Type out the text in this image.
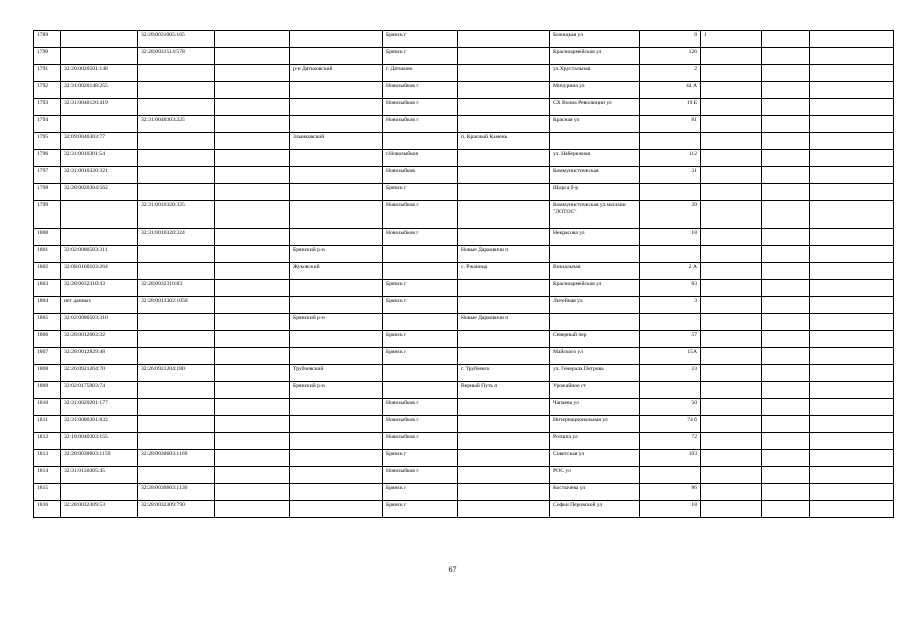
1789		32:28:0031005:165			Брянск г		Бежицкая ул	8	1		
1790		32:28:0031514:578			Брянск г		Красноармейская ул	126			
1791	32:20:0020501:148			р-н Дятьковский	г. Дятьково		ул.Хрустальная	2			
1792	32:31:0020148:255				Новозыбков г		Мичурина ул	44 А			
1793	32:31:0040120:419				Новозыбков г		СХ Волна Революции ул	19 Б			
1794		32:31:0040303:225			Новозыбков г		Красная ул	81			
1795	32:09:0040303:77			Злынковский		п. Красный Камень					
1796	32:31:0010301:54				г.Новозыбков		ул. Набережная	112			
1797	32:31:0010320:321				Новозыбков		Коммунистическая	31			
1798	32:28:0020304:562				Брянск г		Щорса б-р				
1799		32:31:0010320:325			Новозыбков г		Коммунистическая ул.магазин "ЛОТОС"	39			
1800		32:31:0010320:324			Новозыбков г		Некрасова ул	18			
1801	32:02:0080503:311			Брянский р-н		Новые Дарковичи п					
1802	32:08:0160103:264			Жуковский		с. Ржаница	Вокзальная	2 А			
1803	32:28:0032310:43	32:28:0032310:83			Брянск г		Красноармейская ул	83			
1804	нет данных	32:28:0013302:1058			Брянск г		Литейная ул	3			
1805	32:02:0080503:310			Брянский р-н		Новые Дарковичи п					
1806	32:28:0012003:32				Брянск г		Северный пер	57			
1807	32:28:0012829:48				Брянск г		Майского ул	15А			
1808	32:26:0921204:70	32:26:0921204:180		Трубчевский		г. Трубчевск	ул. Генерала Петрова	23			
1809	32:02:0175903:74			Брянский р-н		Верный Путь п	Урожайное ст				
1810	32:31:0020201:177				Новозыбков г		Чапаева ул	50			
1811	32:31:0080301:832				Новозыбков г		Интернациональная ул	74 б			
1812	32:18:0040303:155				Новозыбков г		Ротшпа ул	72			
1813	32:28:0030603:1159	32:28:0030603:1169			Брянск г		Советская ул	103			
1814	32:31:0150305:45				Новозыбков г		РОС ул				
1815		32:28:0030603:1136			Брянск г		Костычева ул	86			
1816	32:28:0032309:53	32:28:0032309:790			Брянск г		Софьи Перовской ул	18			
67
